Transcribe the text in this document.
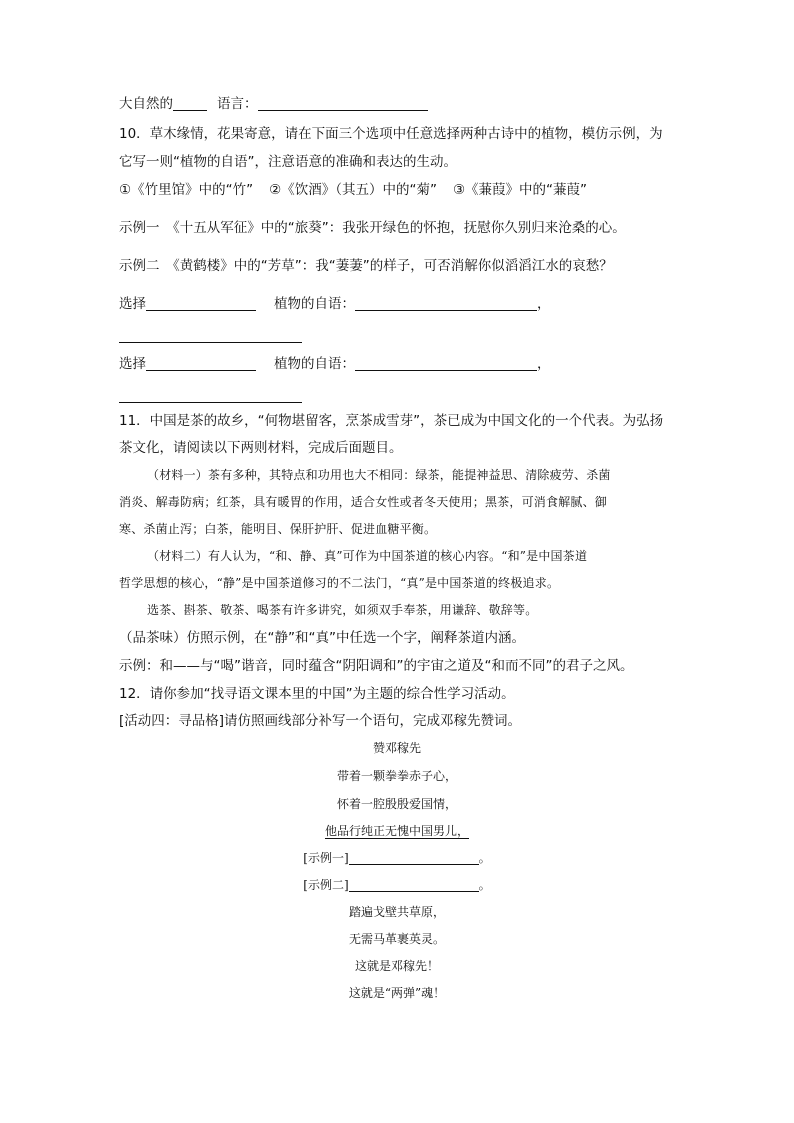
大自然的	语言：
10．草木缘情，花果寄意，请在下面三个选项中任意选择两种古诗中的植物，模仿示例，为
它写一则“植物的自语”，注意语意的准确和表达的生动。
①《竹里馆》中的“竹” ②《饮酒》（其五）中的“菊” ③《蒹葭》中的“蒹葭”
示例一　《十五从军征》中的“旅葵”：我张开绿色的怀抱，抚慰你久别归来沧桑的心。
示例二　《黄鹤楼》中的“芳草”：我“萋萋”的样子，可否消解你似滔滔江水的哀愁？
选择	植物的自语：	，
选择	植物的自语：	，
11．中国是茶的故乡，“何物堪留客，烹茶成雪芽”，茶已成为中国文化的一个代表。为弘扬
茶文化，请阅读以下两则材料，完成后面题目。
（材料一）茶有多种，其特点和功用也大不相同：绿茶，能提神益思、清除疲劳、杀菌
消炎、解毒防病；红茶，具有暖胃的作用，适合女性或者冬天使用；黑茶，可消食解腻、御
寒、杀菌止泻；白茶，能明目、保肝护肝、促进血糖平衡。
（材料二）有人认为，“和、静、真”可作为中国茶道的核心内容。“和”是中国茶道
哲学思想的核心，“静”是中国茶道修习的不二法门，“真”是中国茶道的终极追求。
选茶、斟茶、敬茶、喝茶有许多讲究，如须双手奉茶，用谦辞、敬辞等。
（品茶味）仿照示例，在“静”和“真”中任选一个字，阐释茶道内涵。
示例：和——与“喝”谐音，同时蕴含“阴阳调和”的宇宙之道及“和而不同”的君子之风。
12．请你参加“找寻语文课本里的中国”为主题的综合性学习活动。
[活动四：寻品格]请仿照画线部分补写一个语句，完成邓稼先赞词。
赞邓稼先
带着一颗拳拳赤子心，
怀着一腔殷殷爱国情，
他品行纯正无愧中国男儿，
[示例一]	。
[示例二]	。
踏遍戈壁共草原，
无需马革裹英灵。
这就是邓稼先！
这就是“两弹”魂！
